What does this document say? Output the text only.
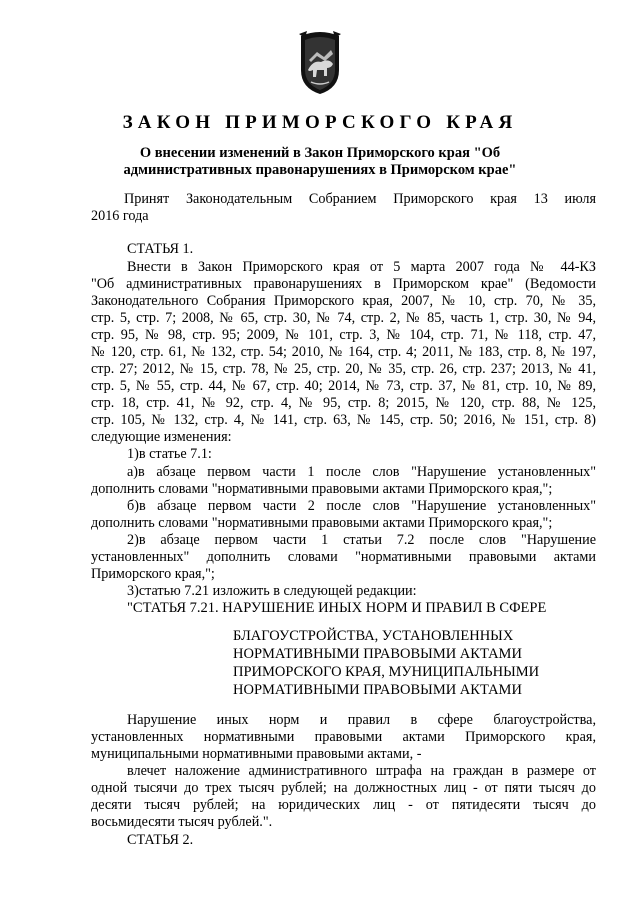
ЗАКОН ПРИМОРСКОГО КРАЯ
О внесении изменений в Закон Приморского края "Об
административных правонарушениях в Приморском крае"
Принят Законодательным Собранием Приморского края 13 июля
2016 года
СТАТЬЯ 1.
Внести в Закон Приморского края от 5 марта 2007 года № 44-КЗ
"Об административных правонарушениях в Приморском крае" (Ведомости
Законодательного Собрания Приморского края, 2007, № 10, стр. 70, № 35,
стр. 5, стр. 7; 2008, № 65, стр. 30, № 74, стр. 2, № 85, часть 1, стр. 30, № 94,
стр. 95, № 98, стр. 95; 2009, № 101, стр. 3, № 104, стр. 71, № 118, стр. 47,
№ 120, стр. 61, № 132, стр. 54; 2010, № 164, стр. 4; 2011, № 183, стр. 8, № 197,
стр. 27; 2012, № 15, стр. 78, № 25, стр. 20, № 35, стр. 26, стр. 237; 2013, № 41,
стр. 5, № 55, стр. 44, № 67, стр. 40; 2014, № 73, стр. 37, № 81, стр. 10, № 89,
стр. 18, стр. 41, № 92, стр. 4, № 95, стр. 8; 2015, № 120, стр. 88, № 125,
стр. 105, № 132, стр. 4, № 141, стр. 63, № 145, стр. 50; 2016, № 151, стр. 8)
следующие изменения:
1)в статье 7.1:
а)в абзаце первом части 1 после слов "Нарушение установленных"
дополнить словами "нормативными правовыми актами Приморского края,";
б)в абзаце первом части 2 после слов "Нарушение установленных"
дополнить словами "нормативными правовыми актами Приморского края,";
2)в абзаце первом части 1 статьи 7.2 после слов "Нарушение
установленных" дополнить словами "нормативными правовыми актами
Приморского края,";
3)статью 7.21 изложить в следующей редакции:
"СТАТЬЯ 7.21. НАРУШЕНИЕ ИНЫХ НОРМ И ПРАВИЛ В СФЕРЕ
Нарушение иных норм и правил в сфере благоустройства,
установленных нормативными правовыми актами Приморского края,
муниципальными нормативными правовыми актами, -
влечет наложение административного штрафа на граждан в размере от
одной тысячи до трех тысяч рублей; на должностных лиц - от пяти тысяч до
десяти тысяч рублей; на юридических лиц - от пятидесяти тысяч до
восьмидесяти тысяч рублей.".
СТАТЬЯ 2.
БЛАГОУСТРОЙСТВА, УСТАНОВЛЕННЫХ
НОРМАТИВНЫМИ ПРАВОВЫМИ АКТАМИ
ПРИМОРСКОГО КРАЯ, МУНИЦИПАЛЬНЫМИ
НОРМАТИВНЫМИ ПРАВОВЫМИ АКТАМИ
